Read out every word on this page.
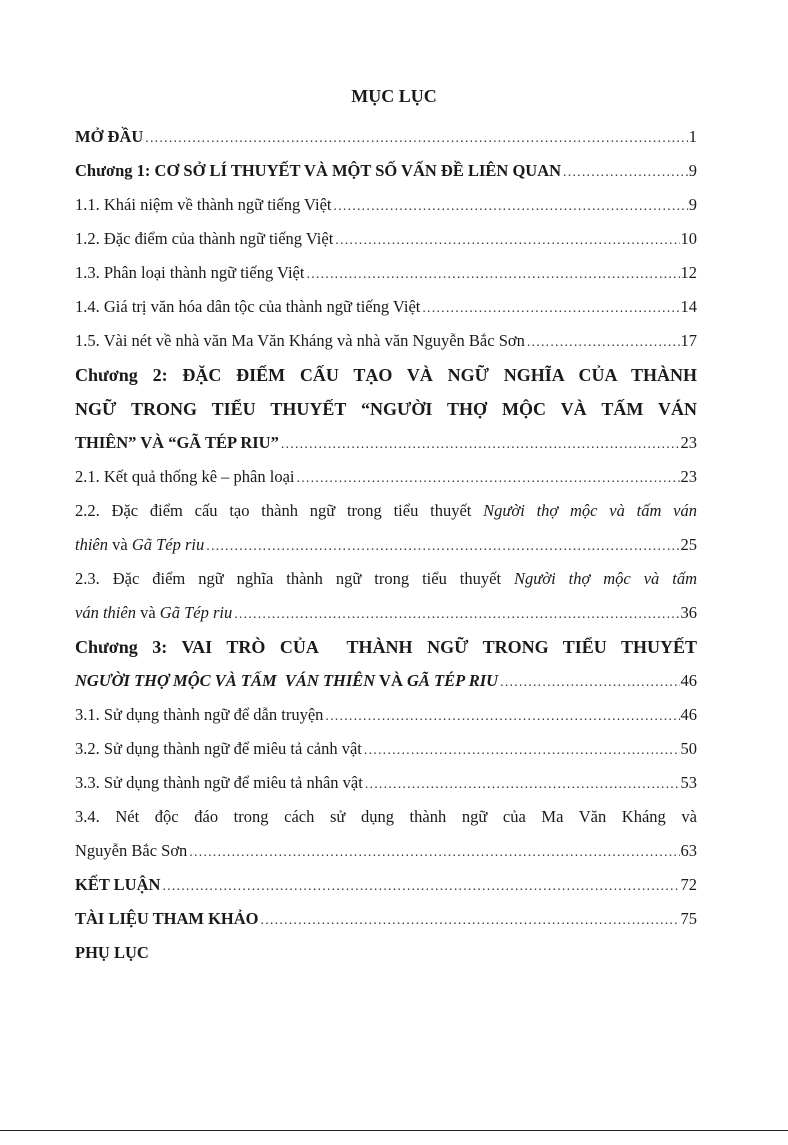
MỤC LỤC
MỞ ĐẦU .....	1
Chương 1: CƠ SỞ LÍ THUYẾT VÀ MỘT SỐ VẤN ĐỀ LIÊN QUAN .....	9
1.1. Khái niệm về thành ngữ tiếng Việt .....	9
1.2. Đặc điểm của thành ngữ tiếng Việt .....	10
1.3. Phân loại thành ngữ tiếng Việt .....	12
1.4. Giá trị văn hóa dân tộc của thành ngữ tiếng Việt .....	14
1.5. Vài nét về nhà văn Ma Văn Kháng và nhà văn Nguyễn Bắc Sơn .....	17
Chương 2: ĐẶC ĐIỂM CẤU TẠO VÀ NGỮ NGHĨA CỦA THÀNH
NGỮ TRONG TIỂU THUYẾT “NGƯỜI THỢ MỘC VÀ TẤM VÁN
THIÊN” VÀ “GÃ TÉP RIU” .....	23
2.1. Kết quả thống kê – phân loại .....	23
2.2. Đặc điểm cấu tạo thành ngữ trong tiểu thuyết Người thợ mộc và tấm ván
thiên và Gã Tép riu .....	25
2.3. Đặc điểm ngữ nghĩa thành ngữ trong tiểu thuyết Người thợ mộc và tấm
ván thiên và Gã Tép riu .....	36
Chương 3: VAI TRÒ CỦA  THÀNH NGỮ TRONG TIỂU THUYẾT
NGƯỜI THỢ MỘC VÀ TẤM  VÁN THIÊN VÀ GÃ TÉP RIU .....	46
3.1. Sử dụng thành ngữ để dẫn truyện .....	46
3.2. Sử dụng thành ngữ để miêu tả cảnh vật .....	50
3.3. Sử dụng thành ngữ để miêu tả nhân vật .....	53
3.4. Nét độc đáo trong cách sử dụng thành ngữ của Ma Văn Kháng và
Nguyễn Bắc Sơn .....	63
KẾT LUẬN .....	72
TÀI LIỆU THAM KHẢO .....	75
PHỤ LỤC
